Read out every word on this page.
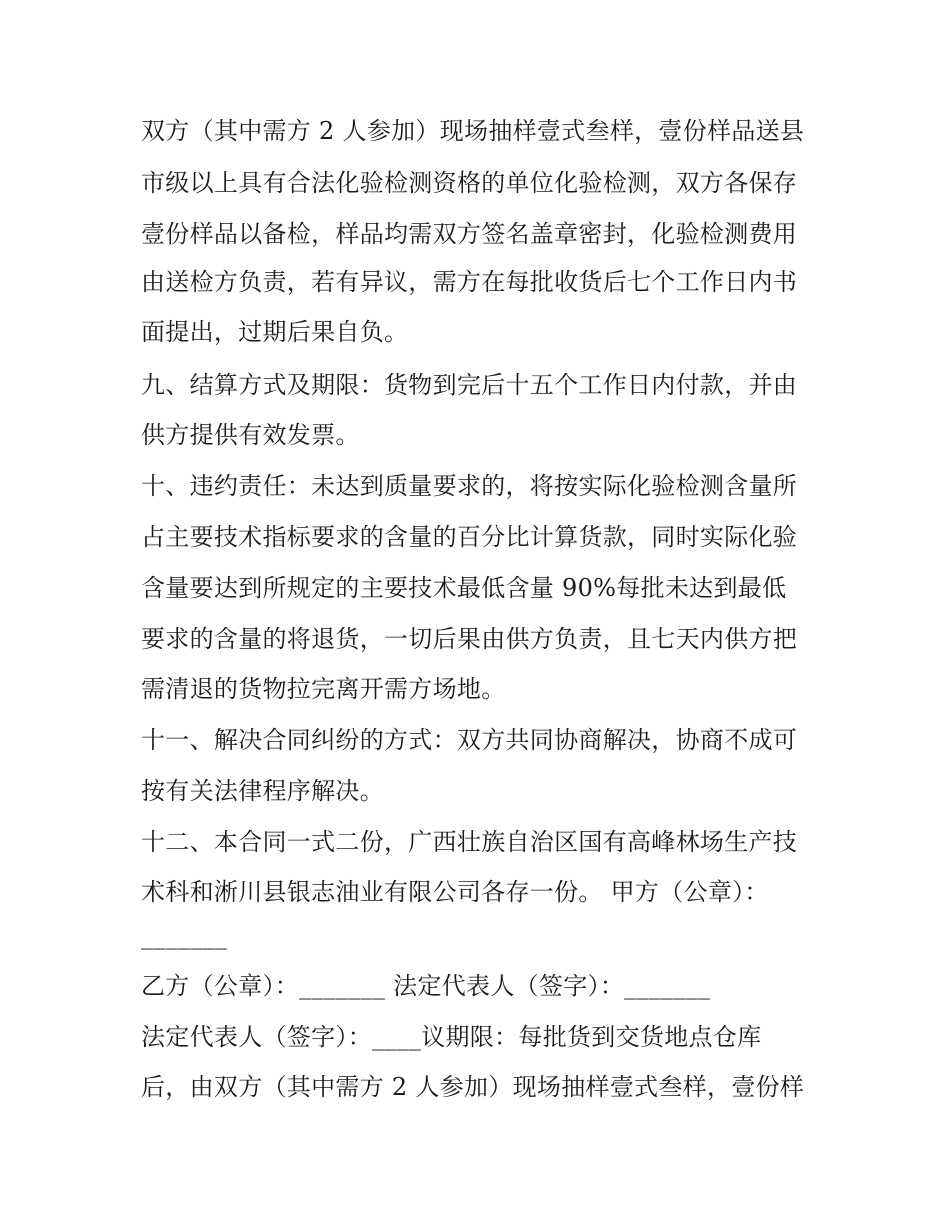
双方（其中需方 2 人参加）现场抽样壹式叁样，壹份样品送县
市级以上具有合法化验检测资格的单位化验检测，双方各保存
壹份样品以备检，样品均需双方签名盖章密封，化验检测费用
由送检方负责，若有异议，需方在每批收货后七个工作日内书
面提出，过期后果自负。
九、结算方式及期限：货物到完后十五个工作日内付款，并由
供方提供有效发票。
十、违约责任：未达到质量要求的，将按实际化验检测含量所
占主要技术指标要求的含量的百分比计算货款，同时实际化验
含量要达到所规定的主要技术最低含量 90%每批未达到最低
要求的含量的将退货，一切后果由供方负责，且七天内供方把
需清退的货物拉完离开需方场地。
十一、解决合同纠纷的方式：双方共同协商解决，协商不成可
按有关法律程序解决。
十二、本合同一式二份，广西壮族自治区国有高峰林场生产技
术科和淅川县银志油业有限公司各存一份。 甲方（公章）：
_______
乙方（公章）：_______ 法定代表人（签字）：_______
法定代表人（签字）：____议期限：每批货到交货地点仓库
后，由双方（其中需方 2 人参加）现场抽样壹式叁样，壹份样
